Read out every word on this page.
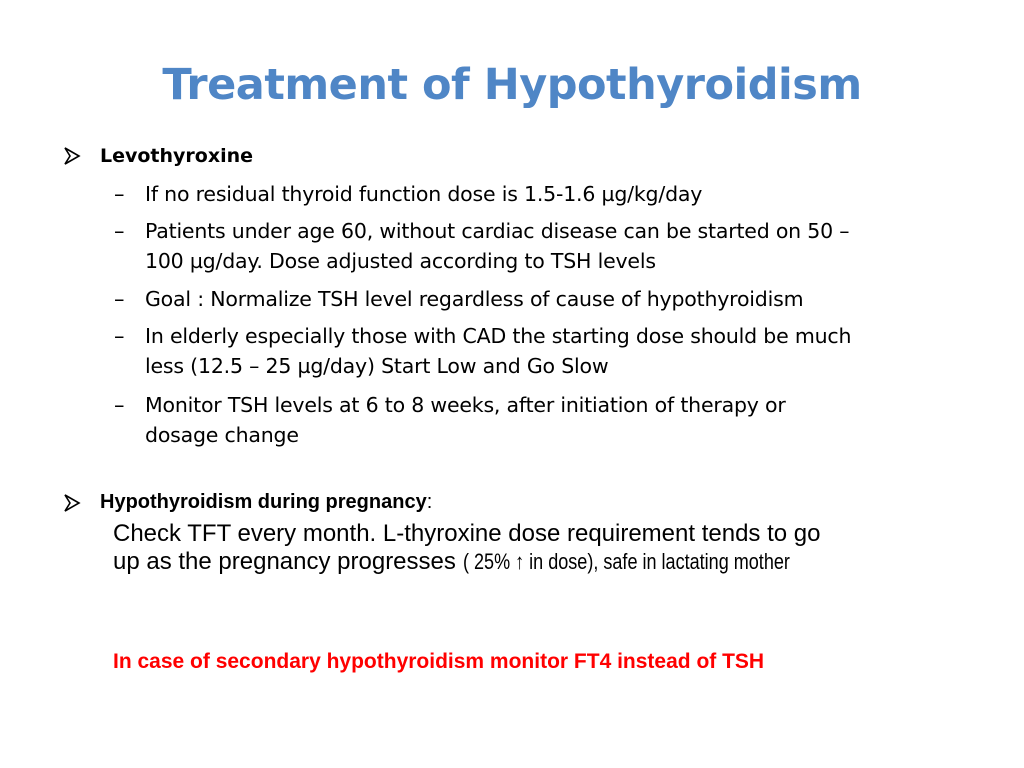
Treatment of Hypothyroidism
Levothyroxine
– If no residual thyroid function dose is 1.5-1.6 µg/kg/day
– Patients under age 60, without cardiac disease can be started on 50 –
100 µg/day. Dose adjusted according to TSH levels
– Goal : Normalize TSH level regardless of cause of hypothyroidism
– In elderly especially those with CAD the starting dose should be much
less (12.5 – 25 µg/day) Start Low and Go Slow
– Monitor TSH levels at 6 to 8 weeks, after initiation of therapy or
dosage change
Hypothyroidism during pregnancy:
Check TFT every month. L-thyroxine dose requirement tends to go
up as the pregnancy progresses ( 25% ↑ in dose), safe in lactating mother
In case of secondary hypothyroidism monitor FT4 instead of TSH
